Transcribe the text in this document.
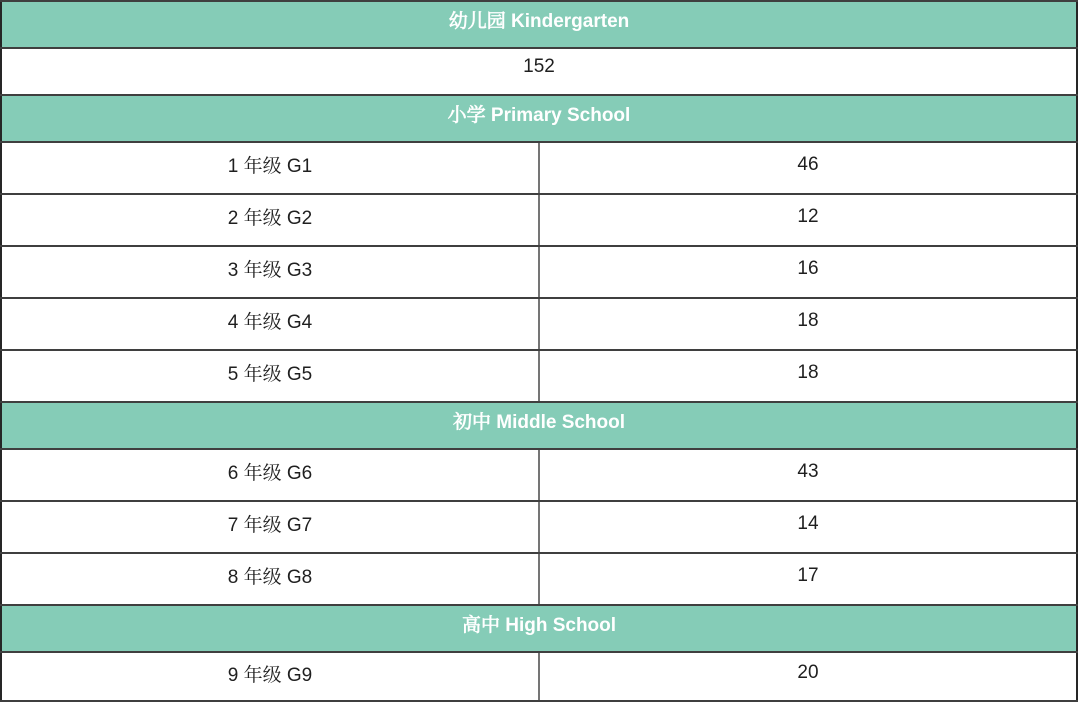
幼儿园 Kindergarten	
152	
小学 Primary School	
1 年级 G1	46
2 年级 G2	12
3 年级 G3	16
4 年级 G4	18
5 年级 G5	18
初中 Middle School	
6 年级 G6	43
7 年级 G7	14
8 年级 G8	17
高中 High School	
9 年级 G9	20
